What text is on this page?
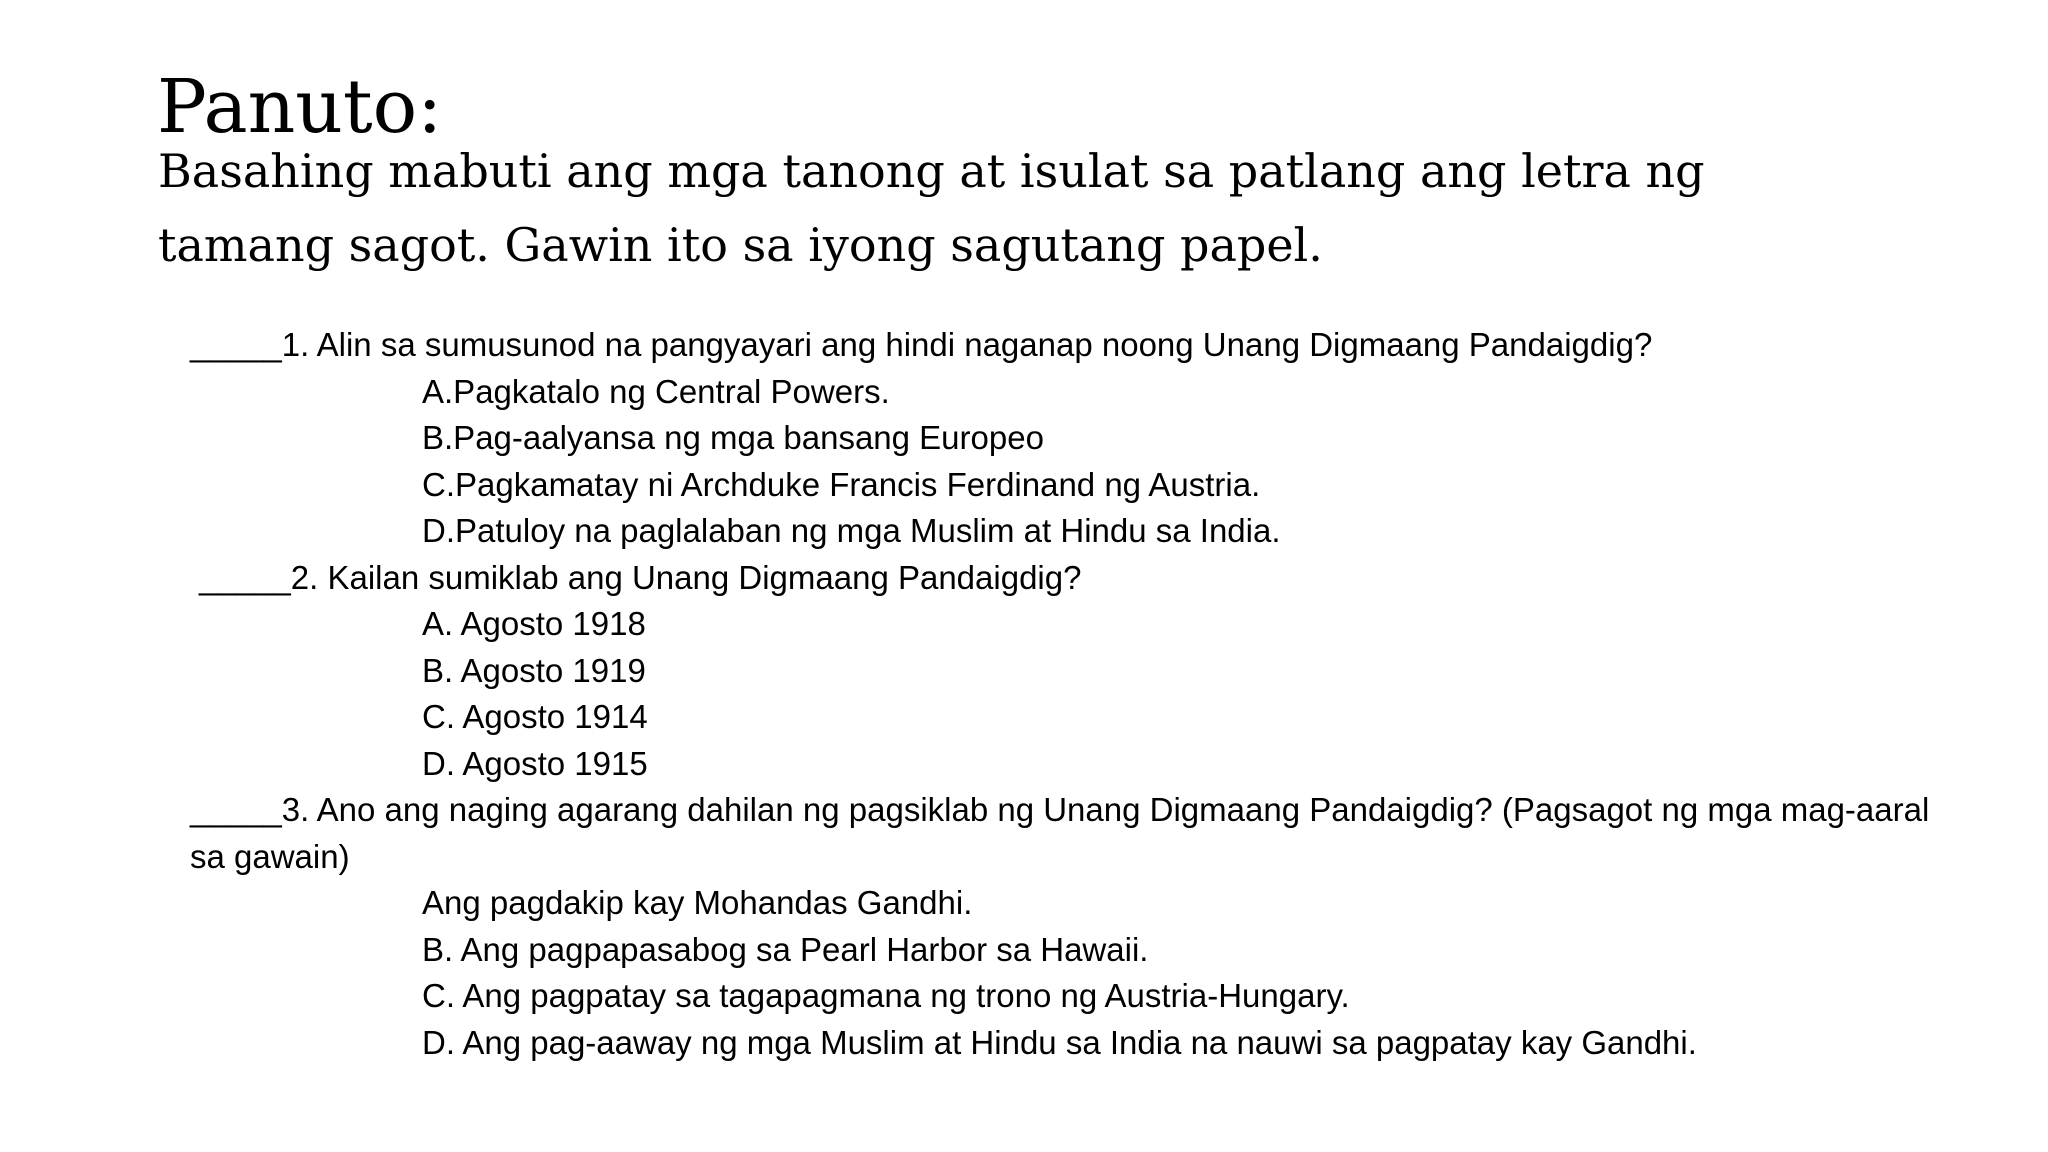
Panuto:

Basahing mabuti ang mga tanong at isulat sa patlang ang letra ng
tamang sagot. Gawin ito sa iyong sagutang papel.

_____1. Alin sa sumusunod na pangyayari ang hindi naganap noong Unang Digmaang Pandaigdig?
A.Pagkatalo ng Central Powers.
B.Pag-aalyansa ng mga bansang Europeo
C.Pagkamatay ni Archduke Francis Ferdinand ng Austria.
D.Patuloy na paglalaban ng mga Muslim at Hindu sa India.
_____2. Kailan sumiklab ang Unang Digmaang Pandaigdig?
A. Agosto 1918
B. Agosto 1919
C. Agosto 1914
D. Agosto 1915
_____3. Ano ang naging agarang dahilan ng pagsiklab ng Unang Digmaang Pandaigdig? (Pagsagot ng mga mag-aaral sa gawain)
Ang pagdakip kay Mohandas Gandhi.
B. Ang pagpapasabog sa Pearl Harbor sa Hawaii.
C. Ang pagpatay sa tagapagmana ng trono ng Austria-Hungary.
D. Ang pag-aaway ng mga Muslim at Hindu sa India na nauwi sa pagpatay kay Gandhi.
